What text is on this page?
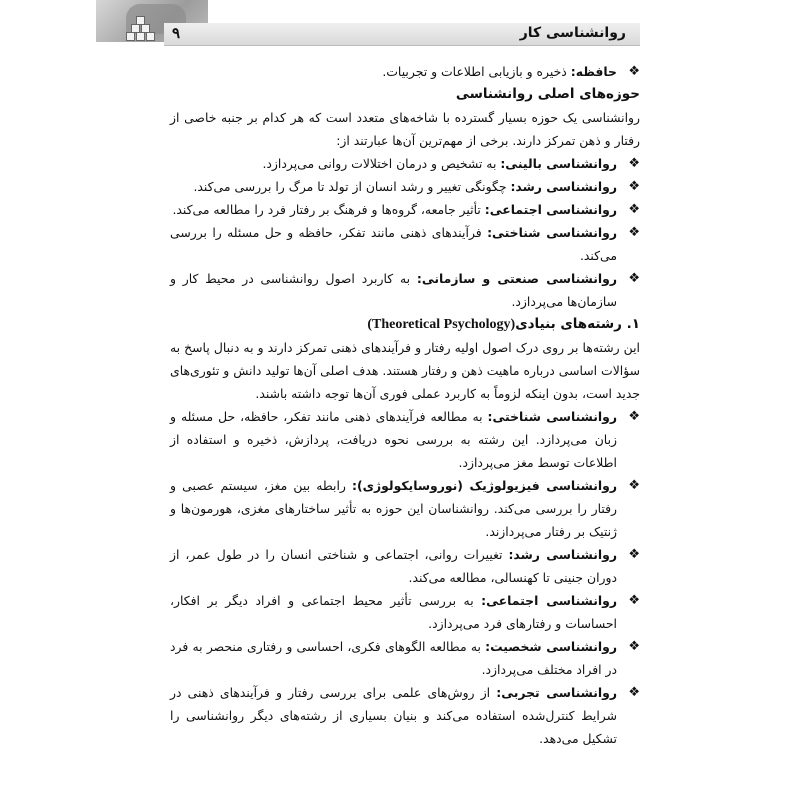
۹	روانشناسی کار
❖
حافظه: ذخیره و بازیابی اطلاعات و تجربیات.
حوزه‌های اصلی روانشناسی

روانشناسی یک حوزه بسیار گسترده با شاخه‌های متعدد است که هر کدام بر جنبه خاصی از رفتار و ذهن تمرکز دارند. برخی از مهم‌ترین آن‌ها عبارتند از:

❖
روانشناسی بالینی: به تشخیص و درمان اختلالات روانی می‌پردازد.
❖
روانشناسی رشد: چگونگی تغییر و رشد انسان از تولد تا مرگ را بررسی می‌کند.
❖
روانشناسی اجتماعی: تأثیر جامعه، گروه‌ها و فرهنگ بر رفتار فرد را مطالعه می‌کند.
❖
روانشناسی شناختی: فرآیندهای ذهنی مانند تفکر، حافظه و حل مسئله را بررسی می‌کند.
❖
روانشناسی صنعتی و سازمانی: به کاربرد اصول روانشناسی در محیط کار و سازمان‌ها می‌پردازد.
۱. رشته‌های بنیادی(Theoretical Psychology)

این رشته‌ها بر روی درک اصول اولیه رفتار و فرآیندهای ذهنی تمرکز دارند و به دنبال پاسخ به سؤالات اساسی درباره ماهیت ذهن و رفتار هستند. هدف اصلی آن‌ها تولید دانش و تئوری‌های جدید است، بدون اینکه لزوماً به کاربرد عملی فوری آن‌ها توجه داشته باشند.

❖
روانشناسی شناختی: به مطالعه فرآیندهای ذهنی مانند تفکر، حافظه، حل مسئله و زبان می‌پردازد. این رشته به بررسی نحوه دریافت، پردازش، ذخیره و استفاده از اطلاعات توسط مغز می‌پردازد.
❖
روانشناسی فیزیولوژیک (نوروسایکولوژی): رابطه بین مغز، سیستم عصبی و رفتار را بررسی می‌کند. روانشناسان این حوزه به تأثیر ساختارهای مغزی، هورمون‌ها و ژنتیک بر رفتار می‌پردازند.
❖
روانشناسی رشد: تغییرات روانی، اجتماعی و شناختی انسان را در طول عمر، از دوران جنینی تا کهنسالی، مطالعه می‌کند.
❖
روانشناسی اجتماعی: به بررسی تأثیر محیط اجتماعی و افراد دیگر بر افکار، احساسات و رفتارهای فرد می‌پردازد.
❖
روانشناسی شخصیت: به مطالعه الگوهای فکری، احساسی و رفتاری منحصر به فرد در افراد مختلف می‌پردازد.
❖
روانشناسی تجربی: از روش‌های علمی برای بررسی رفتار و فرآیندهای ذهنی در شرایط کنترل‌شده استفاده می‌کند و بنیان بسیاری از رشته‌های دیگر روانشناسی را تشکیل می‌دهد.
